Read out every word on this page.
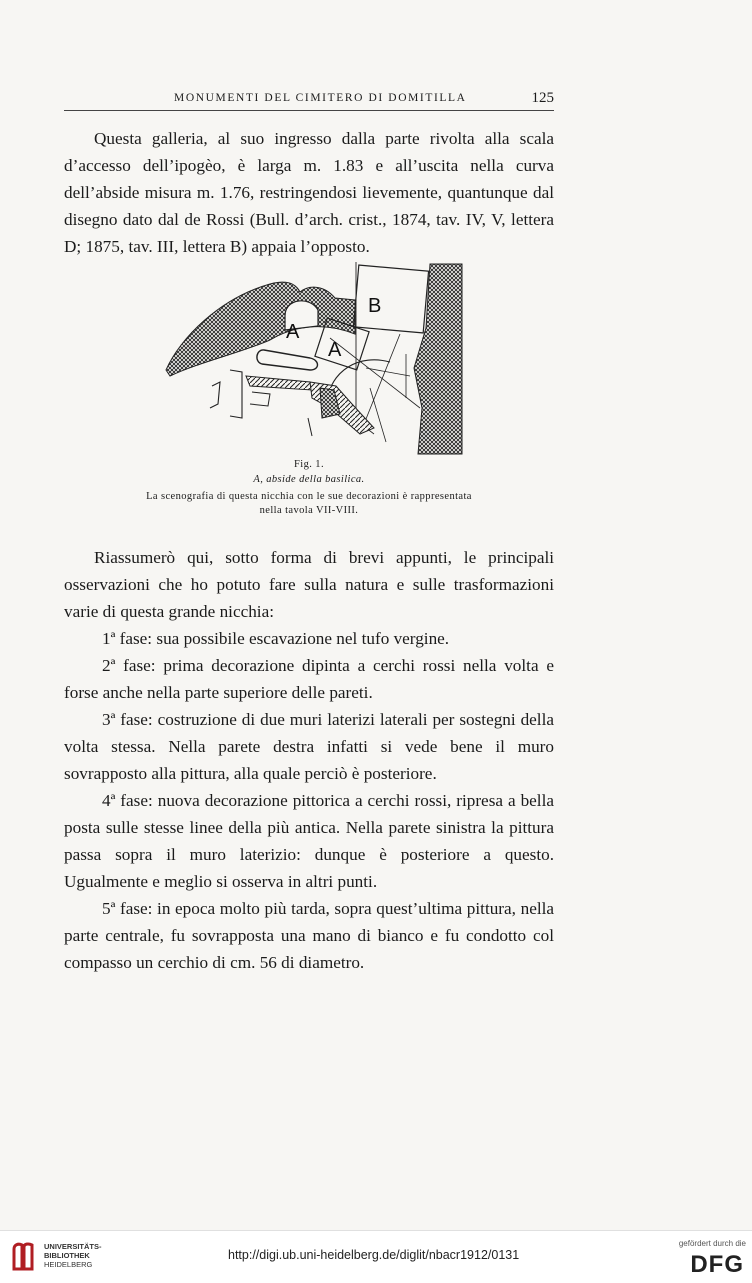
MONUMENTI DEL CIMITERO DI DOMITILLA	125

Questa galleria, al suo ingresso dalla parte rivolta alla scala d’accesso dell’ipogèo, è larga m. 1.83 e all’uscita nella curva dell’abside misura m. 1.76, restringendosi lievemente, quantunque dal disegno dato dal de Rossi (Bull. d’arch. crist., 1874, tav. IV, V, lettera D; 1875, tav. III, lettera B) appaia l’opposto.

A
A
B
Fig. 1.
A, abside della basilica.
La scenografia di questa nicchia con le sue decorazioni è rappresentata
nella tavola VII-VIII.

Riassumerò qui, sotto forma di brevi appunti, le principali osservazioni che ho potuto fare sulla natura e sulle trasformazioni varie di questa grande nicchia:

1ª fase: sua possibile escavazione nel tufo vergine.

2ª fase: prima decorazione dipinta a cerchi rossi nella volta e forse anche nella parte superiore delle pareti.

3ª fase: costruzione di due muri laterizi laterali per sostegni della volta stessa. Nella parete destra infatti si vede bene il muro sovrapposto alla pittura, alla quale perciò è posteriore.

4ª fase: nuova decorazione pittorica a cerchi rossi, ripresa a bella posta sulle stesse linee della più antica. Nella parete sinistra la pittura passa sopra il muro laterizio: dunque è posteriore a questo. Ugualmente e meglio si osserva in altri punti.

5ª fase: in epoca molto più tarda, sopra quest’ultima pittura, nella parte centrale, fu sovrapposta una mano di bianco e fu condotto col compasso un cerchio di cm. 56 di diametro.

UNIVERSITÄTS-
BIBLIOTHEK
HEIDELBERG
http://digi.ub.uni-heidelberg.de/diglit/nbacr1912/0131
gefördert durch die
DFG
